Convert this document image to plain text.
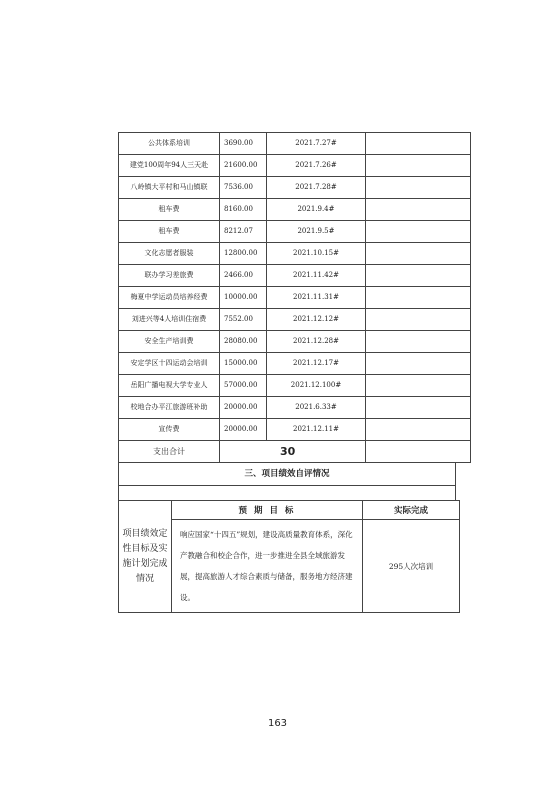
公共体系培训	3690.00	2021.7.27#	
建党100周年94人三天赴	21600.00	2021.7.26#	
八岭镇大平村和马山镇联	7536.00	2021.7.28#	
租车费	8160.00	2021.9.4#	
租车费	8212.07	2021.9.5#	
文化志愿者服装	12800.00	2021.10.15#	
联办学习差旅费	2466.00	2021.11.42#	
梅夏中学运动员培养经费	10000.00	2021.11.31#	
刘进兴等4人培训住宿费	7552.00	2021.12.12#	
安全生产培训费	28080.00	2021.12.28#	
安定学区十四运动会培训	15000.00	2021.12.17#	
岳阳广播电视大学专业人	57000.00	2021.12.100#	
校地合办平江旅游班补助	20000.00	2021.6.33#	
宣传费	20000.00	2021.12.11#	
支出合计	30		
三、项目绩效自评情况
项目绩效定性目标及实施计划完成情况	预 期 目 标	实际完成
	响应国家“十四五”规划，建设高质量教育体系，深化产教融合和校企合作，进一步推进全县全域旅游发展，提高旅游人才综合素质与储备，服务地方经济建设。	295人次培训
163
